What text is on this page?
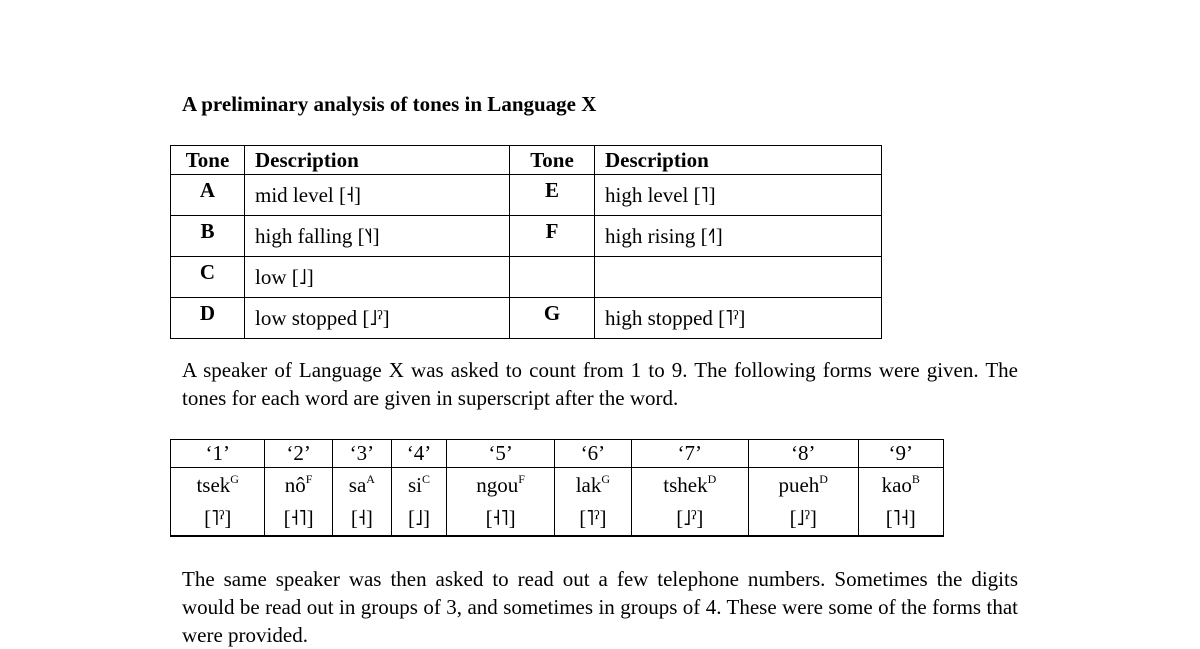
A preliminary analysis of tones in Language X
Tone	Description	Tone	Description
A	mid level [˧]	E	high level [˥]
B	high falling [˥˧]	F	high rising [˧˥]
C	low [˩]		
D	low stopped [˩ˀ]	G	high stopped [˥ˀ]

A speaker of Language X was asked to count from 1 to 9. The following forms were given. The tones for each word are given in superscript after the word.

‘1’	‘2’	‘3’	‘4’	‘5’	‘6’	‘7’	‘8’	‘9’
tsek$^G$	$nô^F$	$sa^A$	$si^C$	ngou$^F$	lak$^G$	tshek$^D$	pueh$^D$	kao$^B$
[˥ˀ]	[˧˥]	[˧]	[˩]	[˧˥]	[˥ˀ]	[˩ˀ]	[˩ˀ]	[˥˧]

The same speaker was then asked to read out a few telephone numbers. Sometimes the digits would be read out in groups of 3, and sometimes in groups of 4. These were some of the forms that were provided.
